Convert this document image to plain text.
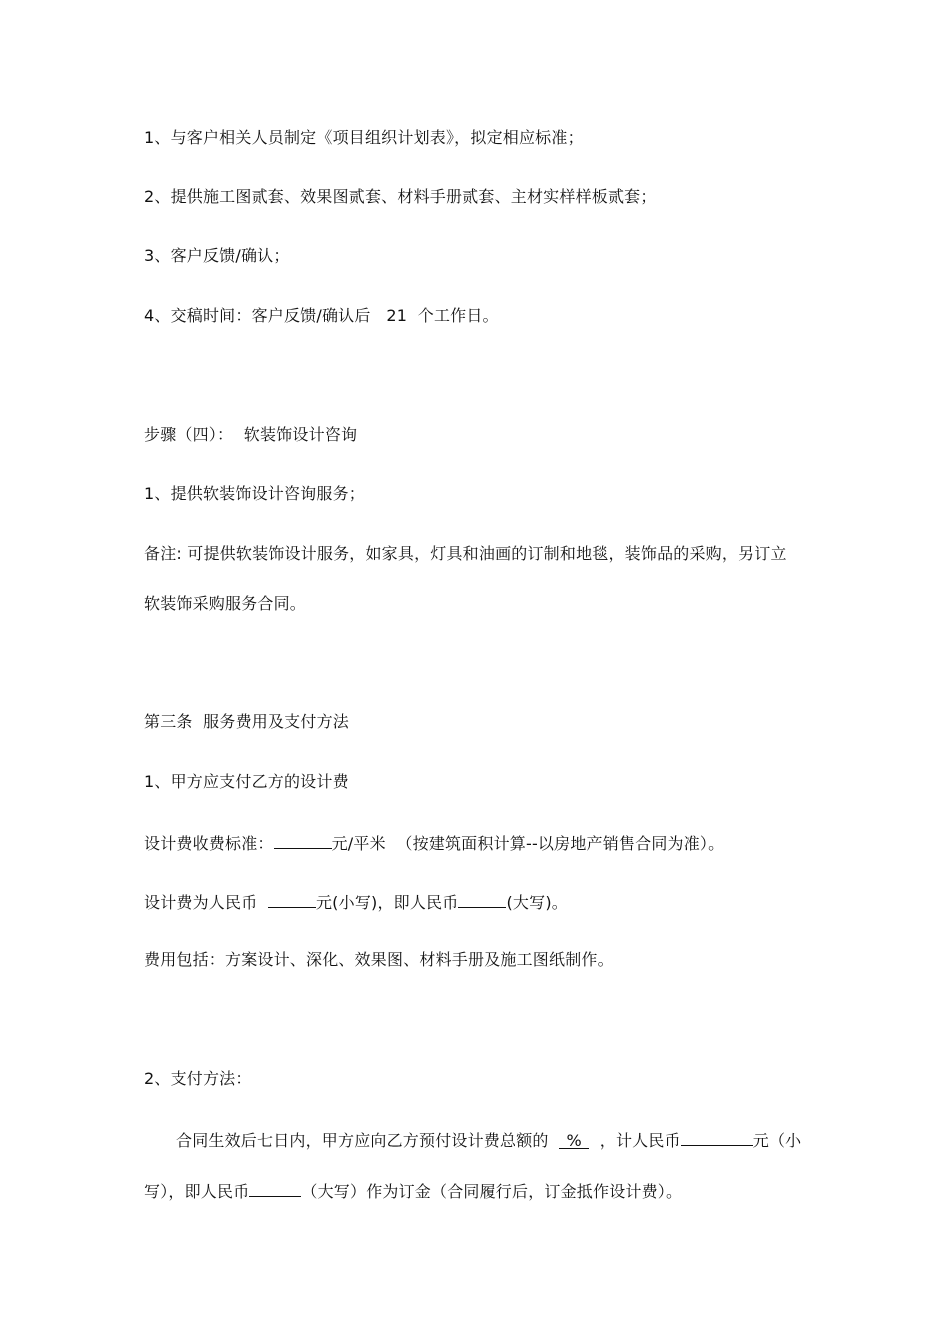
1、与客户相关人员制定《项目组织计划表》，拟定相应标准；
2、提供施工图贰套、效果图贰套、材料手册贰套、主材实样样板贰套；
3、客户反馈/确认；
4、交稿时间：客户反馈/确认后   21  个工作日。
步骤（四）：  软装饰设计咨询
1、提供软装饰设计咨询服务；
备注: 可提供软装饰设计服务，如家具，灯具和油画的订制和地毯，装饰品的采购，另订立
软装饰采购服务合同。
第三条  服务费用及支付方法
1、甲方应支付乙方的设计费
设计费收费标准：	元/平米  （按建筑面积计算--以房地产销售合同为准）。
设计费为人民币	元(小写)，即人民币	(大写)。
费用包括：方案设计、深化、效果图、材料手册及施工图纸制作。
2、支付方法：
合同生效后七日内，甲方应向乙方预付设计费总额的  %  ，计人民币	元（小
写），即人民币	（大写）作为订金（合同履行后，订金抵作设计费）。
